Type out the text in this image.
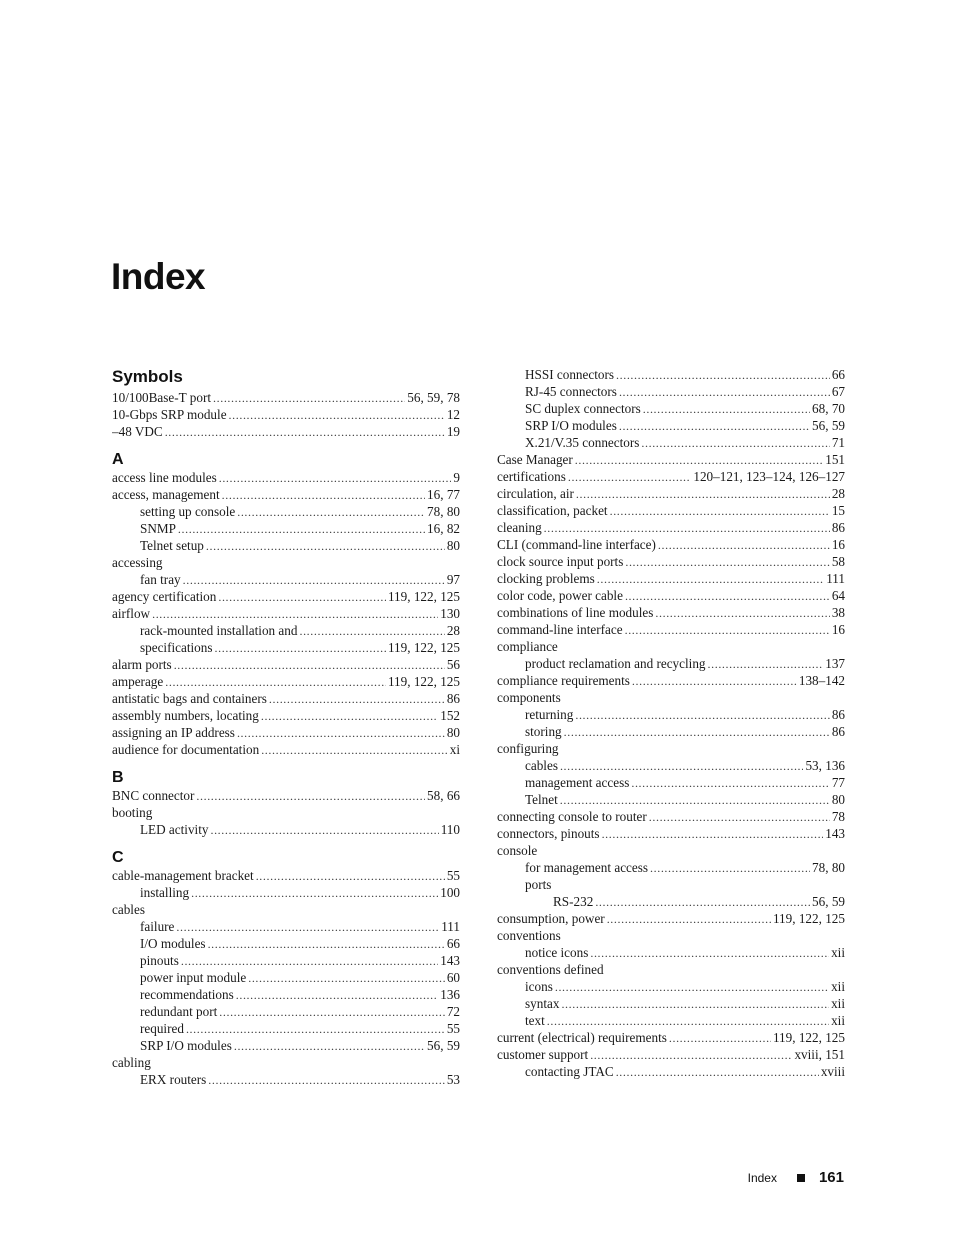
Index
Symbols
10/100Base-T port . . .	56, 59, 78
10-Gbps SRP module . . .	12
–48 VDC . . .	19
A
access line modules . . .	9
access, management . . .	16, 77
setting up console . . .	78, 80
SNMP . . .	16, 82
Telnet setup . . .	80
accessing
fan tray . . .	97
agency certification . . .	119, 122, 125
airflow . . .	130
rack-mounted installation and . . .	28
specifications . . .	119, 122, 125
alarm ports . . .	56
amperage . . .	119, 122, 125
antistatic bags and containers . . .	86
assembly numbers, locating . . .	152
assigning an IP address . . .	80
audience for documentation . . .	xi
B
BNC connector . . .	58, 66
booting
LED activity . . .	110
C
cable-management bracket . . .	55
installing . . .	100
cables
failure . . .	111
I/O modules . . .	66
pinouts . . .	143
power input module . . .	60
recommendations . . .	136
redundant port . . .	72
required . . .	55
SRP I/O modules . . .	56, 59
cabling
ERX routers . . .	53
HSSI connectors . . .	66
RJ-45 connectors . . .	67
SC duplex connectors . . .	68, 70
SRP I/O modules . . .	56, 59
X.21/V.35 connectors . . .	71
Case Manager . . .	151
certifications . . .	120–121, 123–124, 126–127
circulation, air . . .	28
classification, packet . . .	15
cleaning . . .	86
CLI (command-line interface) . . .	16
clock source input ports . . .	58
clocking problems . . .	111
color code, power cable . . .	64
combinations of line modules . . .	38
command-line interface . . .	16
compliance
product reclamation and recycling . . .	137
compliance requirements . . .	138–142
components
returning . . .	86
storing . . .	86
configuring
cables . . .	53, 136
management access . . .	77
Telnet . . .	80
connecting console to router . . .	78
connectors, pinouts . . .	143
console
for management access . . .	78, 80
ports
RS-232 . . .	56, 59
consumption, power . . .	119, 122, 125
conventions
notice icons . . .	xii
conventions defined
icons . . .	xii
syntax . . .	xii
text . . .	xii
current (electrical) requirements . . .	119, 122, 125
customer support . . .	xviii, 151
contacting JTAC . . .	xviii
Index	161
